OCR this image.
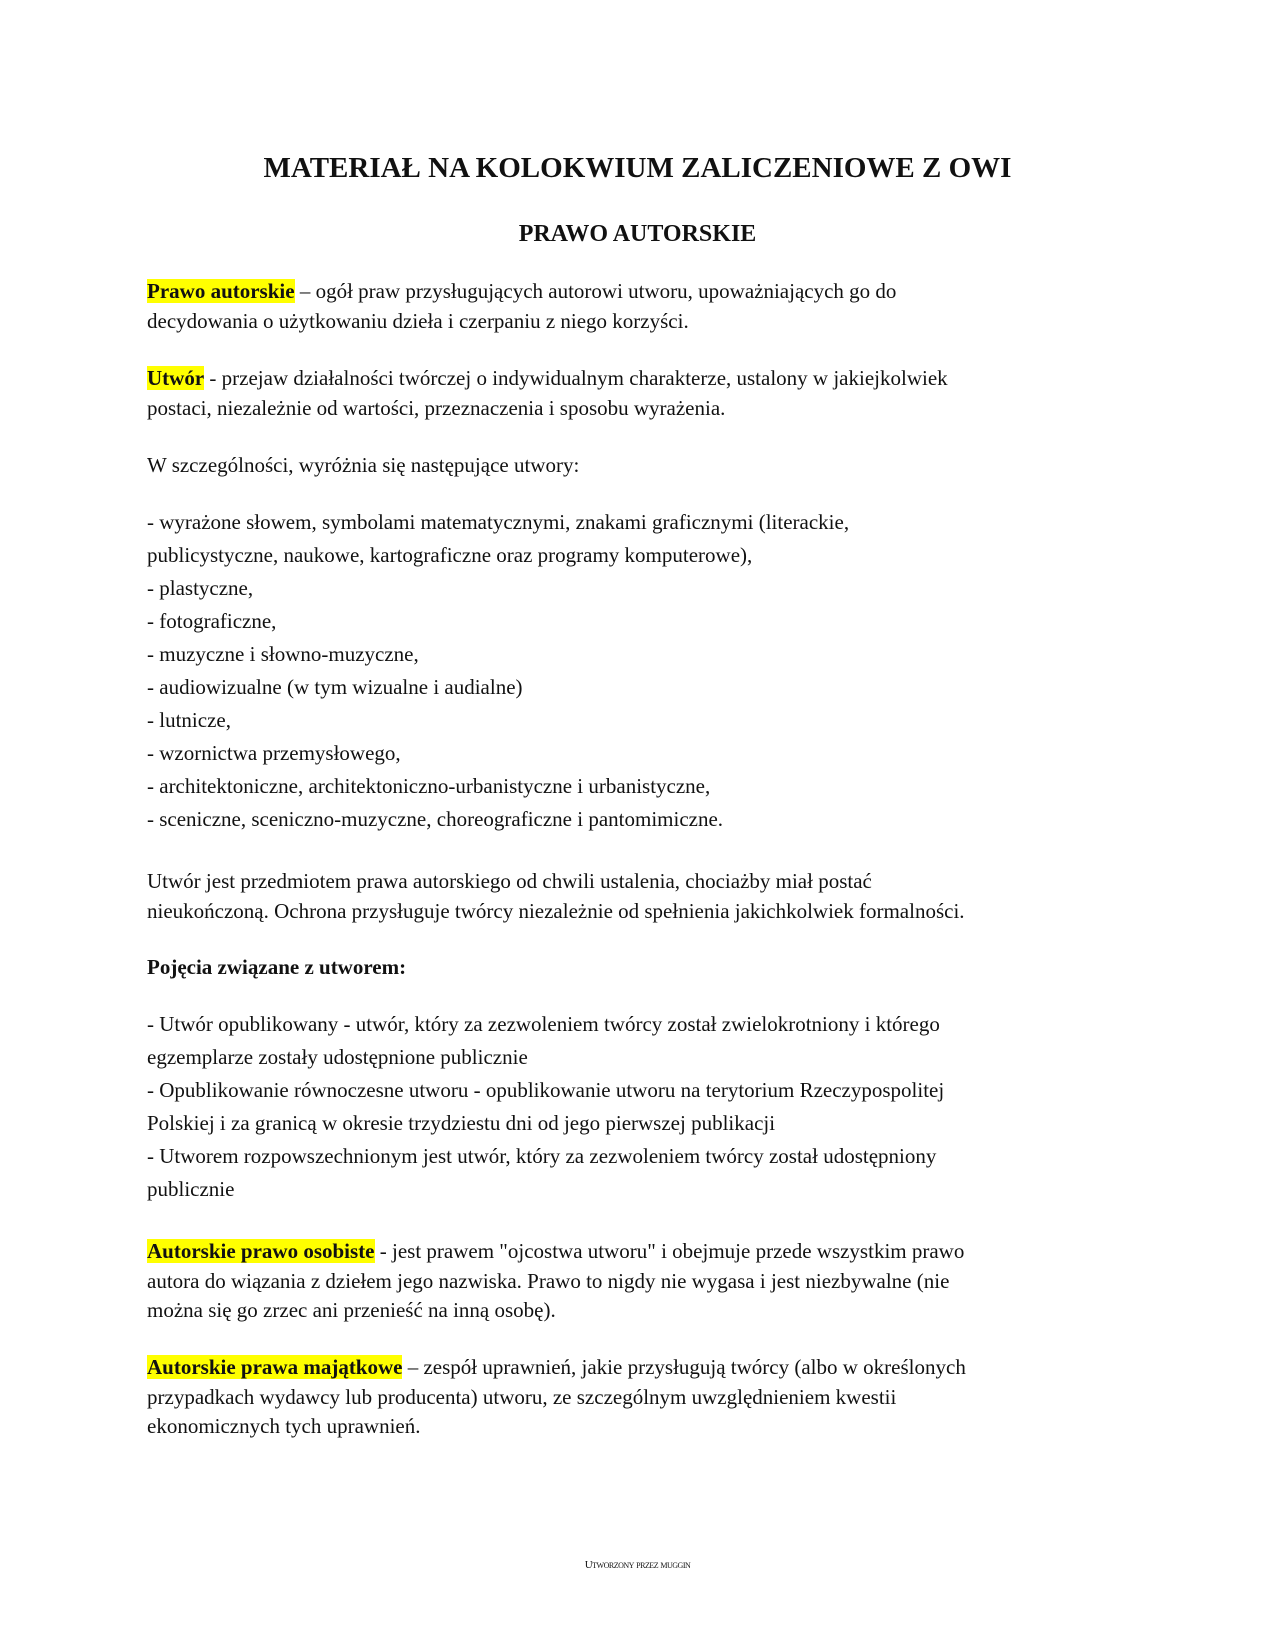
MATERIAŁ NA KOLOKWIUM ZALICZENIOWE Z OWI
PRAWO AUTORSKIE
Prawo autorskie – ogół praw przysługujących autorowi utworu, upoważniających go do
decydowania o użytkowaniu dzieła i czerpaniu z niego korzyści.
Utwór - przejaw działalności twórczej o indywidualnym charakterze, ustalony w jakiejkolwiek
postaci, niezależnie od wartości, przeznaczenia i sposobu wyrażenia.
W szczególności, wyróżnia się następujące utwory:
- wyrażone słowem, symbolami matematycznymi, znakami graficznymi (literackie,
publicystyczne, naukowe, kartograficzne oraz programy komputerowe),
- plastyczne,
- fotograficzne,
- muzyczne i słowno-muzyczne,
- audiowizualne (w tym wizualne i audialne)
- lutnicze,
- wzornictwa przemysłowego,
- architektoniczne, architektoniczno-urbanistyczne i urbanistyczne,
- sceniczne, sceniczno-muzyczne, choreograficzne i pantomimiczne.
Utwór jest przedmiotem prawa autorskiego od chwili ustalenia, chociażby miał postać
nieukończoną. Ochrona przysługuje twórcy niezależnie od spełnienia jakichkolwiek formalności.
Pojęcia związane z utworem:
- Utwór opublikowany - utwór, który za zezwoleniem twórcy został zwielokrotniony i którego
egzemplarze zostały udostępnione publicznie
- Opublikowanie równoczesne utworu - opublikowanie utworu na terytorium Rzeczypospolitej
Polskiej i za granicą w okresie trzydziestu dni od jego pierwszej publikacji
- Utworem rozpowszechnionym jest utwór, który za zezwoleniem twórcy został udostępniony
publicznie
Autorskie prawo osobiste - jest prawem "ojcostwa utworu" i obejmuje przede wszystkim prawo
autora do wiązania z dziełem jego nazwiska. Prawo to nigdy nie wygasa i jest niezbywalne (nie
można się go zrzec ani przenieść na inną osobę).
Autorskie prawa majątkowe – zespół uprawnień, jakie przysługują twórcy (albo w określonych
przypadkach wydawcy lub producenta) utworu, ze szczególnym uwzględnieniem kwestii
ekonomicznych tych uprawnień.
Utworzony przez muggin
